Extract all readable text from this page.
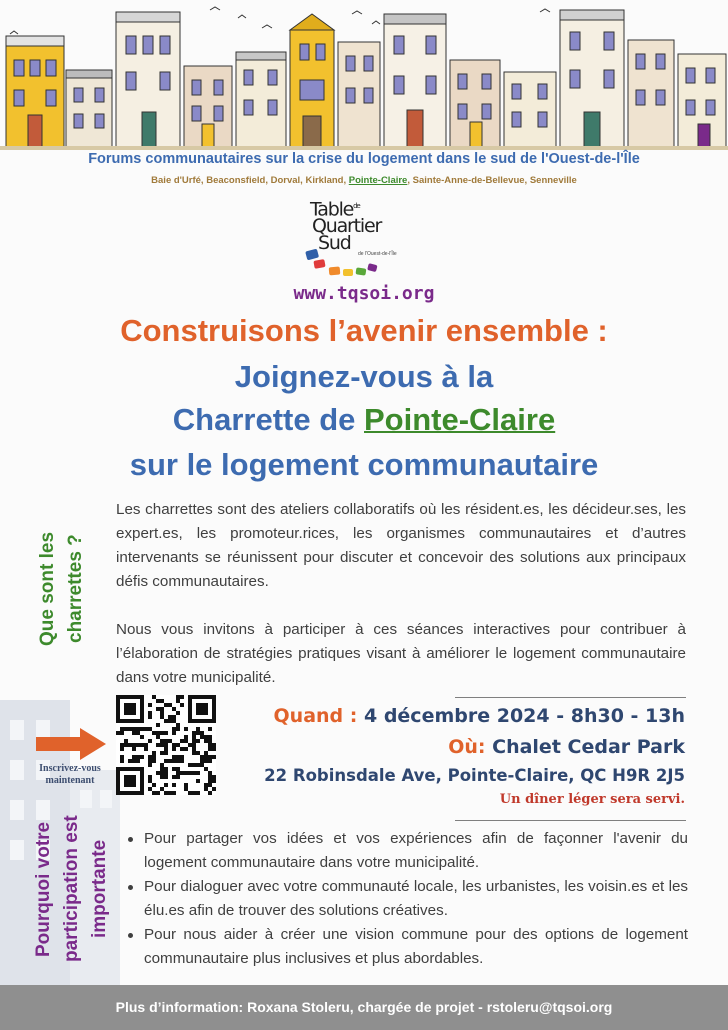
Forums communautaires sur la crise du logement dans le sud de l'Ouest-de-l'Île
Baie d'Urfé, Beaconsfield, Dorval, Kirkland, Pointe-Claire, Sainte-Anne-de-Bellevue, Senneville
Table$^{de}$
Quartier
Sud	de l'Ouest-de-l'Île
www.tqsoi.org
Construisons l’avenir ensemble :
Joignez-vous à la
Charrette de Pointe-Claire
sur le logement communautaire
Que sont les charrettes ?

Les charrettes sont des ateliers collaboratifs où les résident.es, les décideur.ses, les expert.es, les promoteur.rices, les organismes communautaires et d’autres intervenants se réunissent pour discuter et concevoir des solutions aux principaux défis communautaires.

Nous vous invitons à participer à ces séances interactives pour contribuer à l’élaboration de stratégies pratiques visant à améliorer le logement communautaire dans votre municipalité.

Inscrivez-vous maintenant
Quand : 4 décembre 2024 - 8h30 - 13h
Où: Chalet Cedar Park
22 Robinsdale Ave, Pointe-Claire, QC H9R 2J5
Un dîner léger sera servi.
Pourquoi votre participation est importante
Pour partager vos idées et vos expériences afin de façonner l'avenir du logement communautaire dans votre municipalité.
Pour dialoguer avec votre communauté locale, les urbanistes, les voisin.es et les élu.es afin de trouver des solutions créatives.
Pour nous aider à créer une vision commune pour des options de logement communautaire plus inclusives et plus abordables.
Plus d’information: Roxana Stoleru, chargée de projet - rstoleru@tqsoi.org
